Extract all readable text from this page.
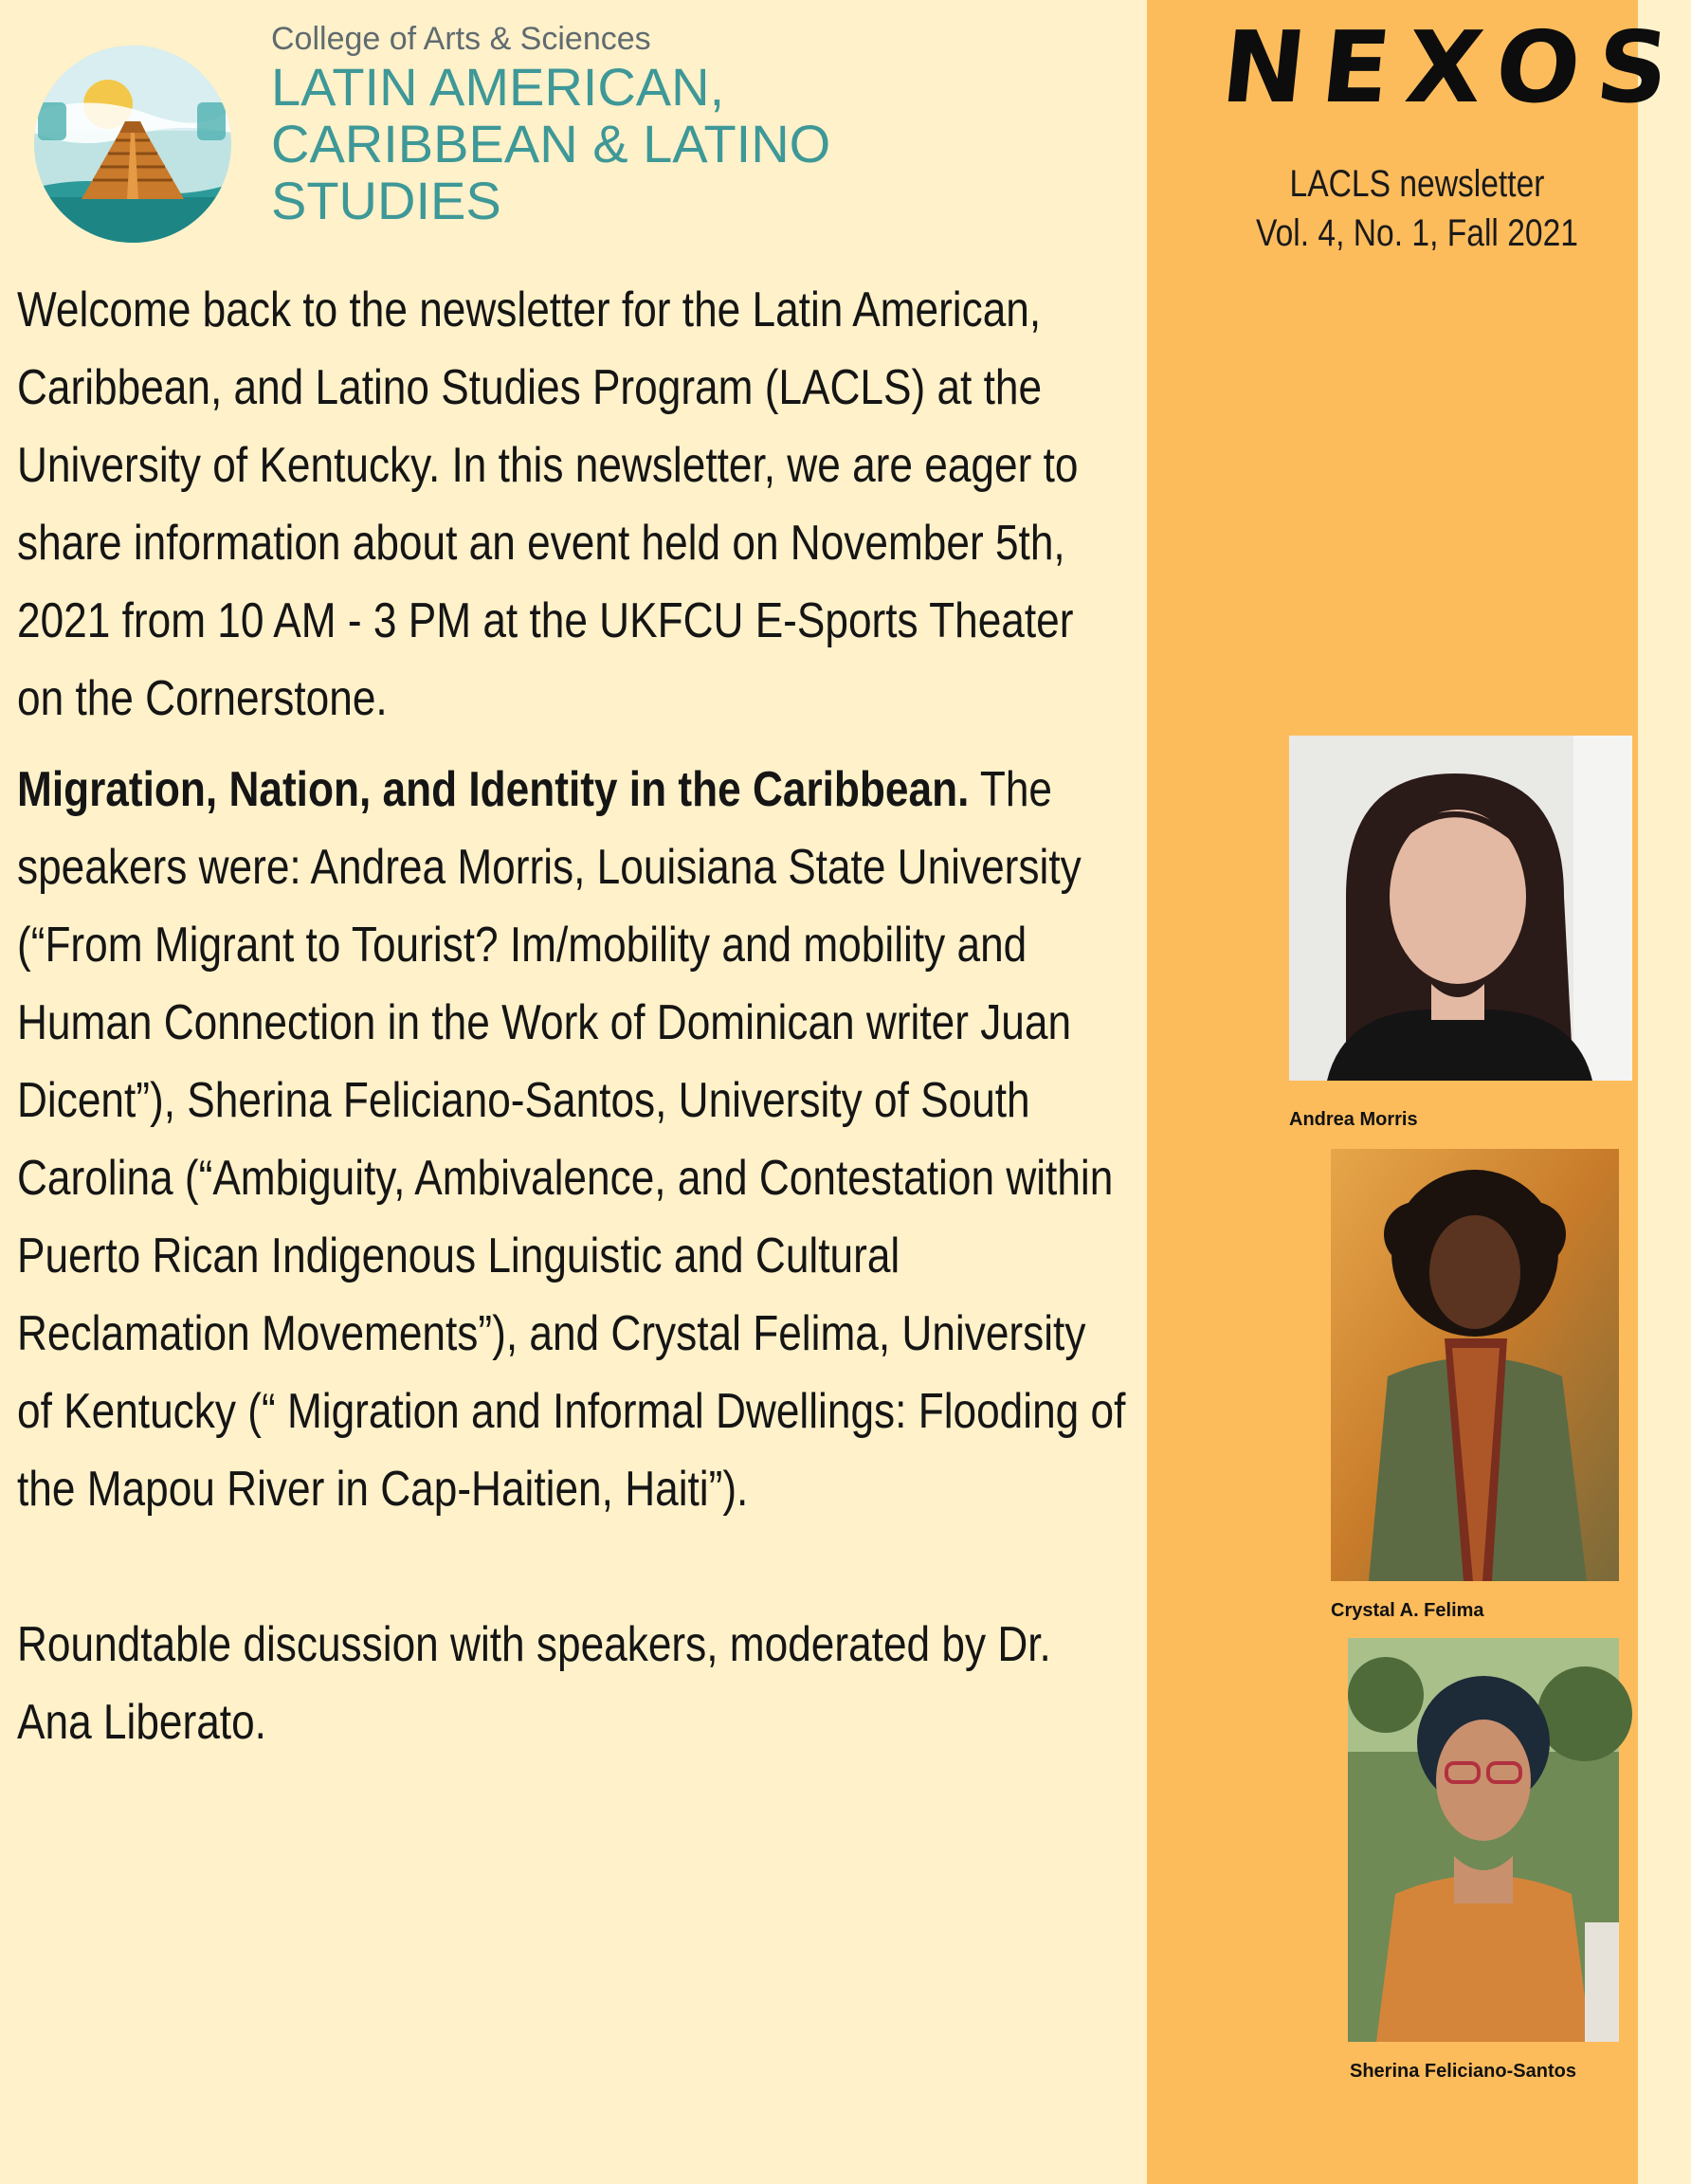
NEXOS
LACLS newsletter
Vol. 4, No. 1, Fall 2021
College of Arts & Sciences
LATIN AMERICAN,
CARIBBEAN & LATINO
STUDIES

Welcome back to the newsletter for the Latin American, Caribbean, and Latino Studies Program (LACLS) at the University of Kentucky. In this newsletter, we are eager to share information about an event held on November 5th, 2021 from 10 AM - 3 PM at the UKFCU E-Sports Theater on the Cornerstone.

Migration, Nation, and Identity in the Caribbean. The speakers were: Andrea Morris, Louisiana State University (“From Migrant to Tourist? Im/mobility and mobility and Human Connection in the Work of Dominican writer Juan Dicent”), Sherina Feliciano-Santos, University of South Carolina (“Ambiguity, Ambivalence, and Contestation within Puerto Rican Indigenous Linguistic and Cultural Reclamation Movements”), and Crystal Felima, University of Kentucky (“ Migration and Informal Dwellings: Flooding of the Mapou River in Cap-Haitien, Haiti”).

Roundtable discussion with speakers, moderated by Dr. Ana Liberato.

Andrea Morris
Crystal A. Felima
Sherina Feliciano-Santos
